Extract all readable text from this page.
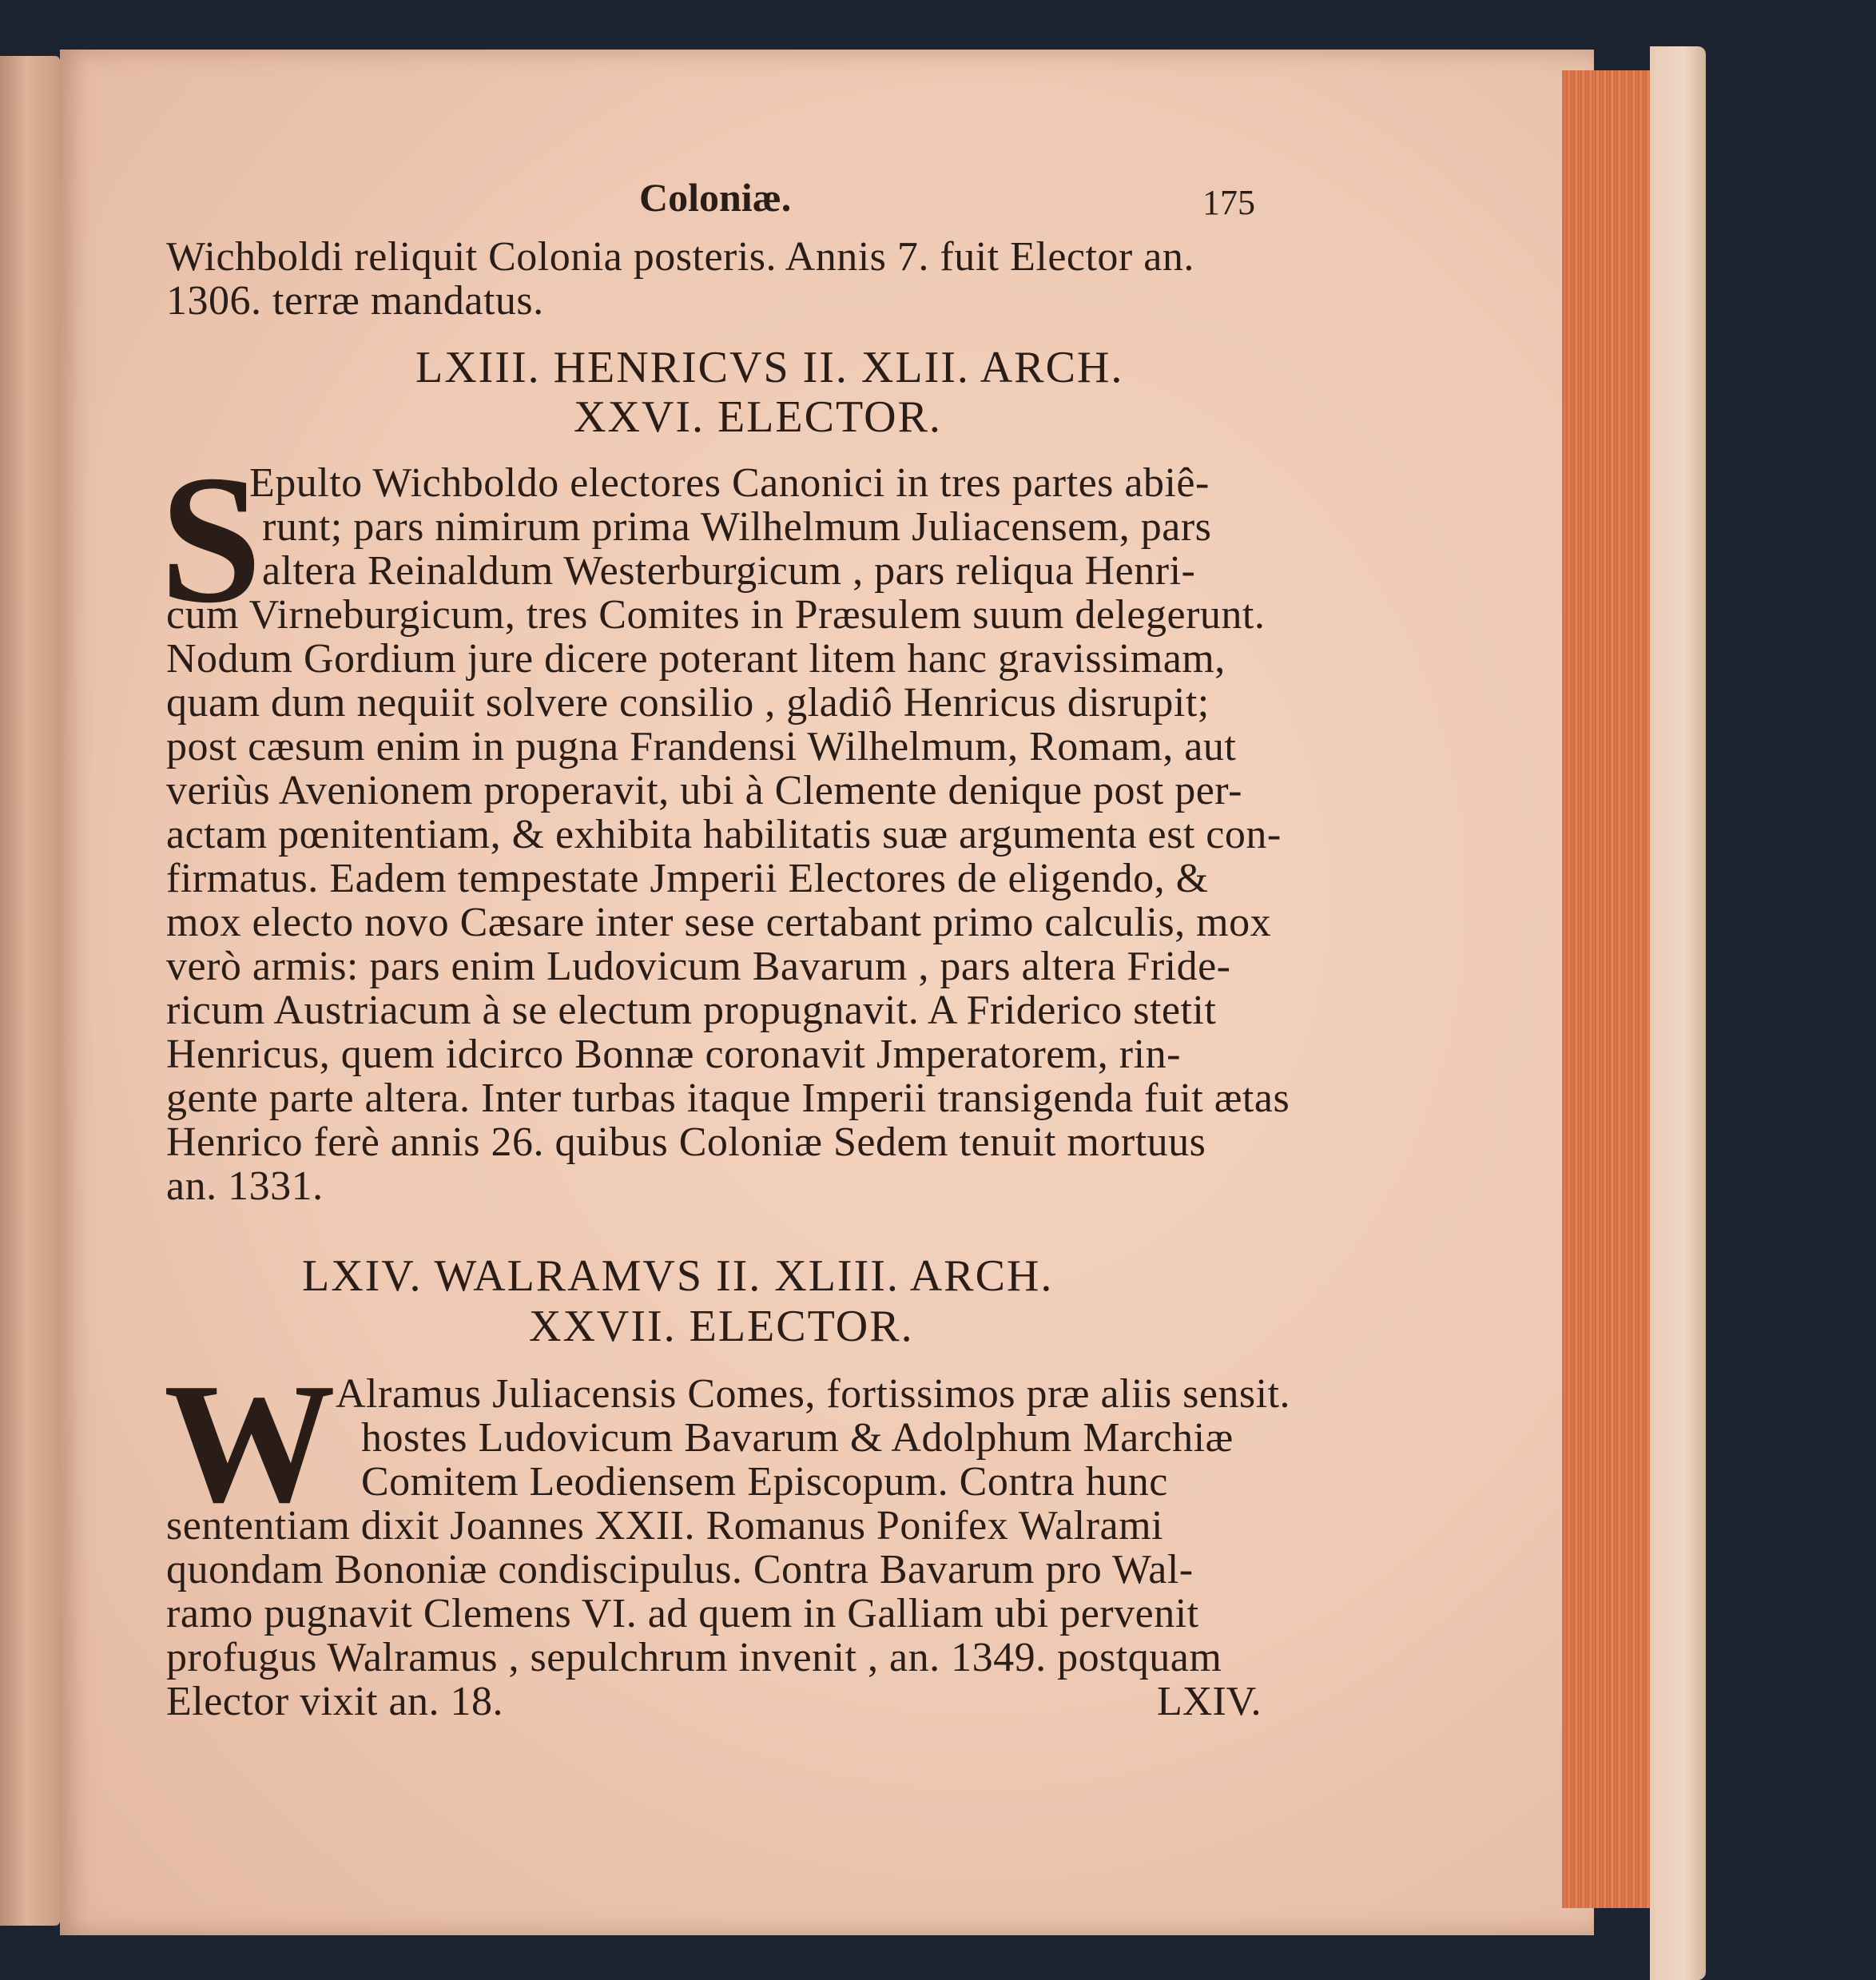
Coloniæ.	175
Wichboldi reliquit Colonia posteris. Annis 7. fuit Elector an.
1306. terræ mandatus.
LXIII. HENRICVS II. XLII. ARCH.
XXVI. ELECTOR.
S
Epulto Wichboldo electores Canonici in tres partes abiê-
runt; pars nimirum prima Wilhelmum Juliacensem, pars
altera Reinaldum Westerburgicum , pars reliqua Henri-
cum Virneburgicum, tres Comites in Præsulem suum delegerunt.
Nodum Gordium jure dicere poterant litem hanc gravissimam,
quam dum nequiit solvere consilio , gladiô Henricus disrupit;
post cæsum enim in pugna Frandensi Wilhelmum, Romam, aut
veriùs Avenionem properavit, ubi à Clemente denique post per-
actam pœnitentiam, & exhibita habilitatis suæ argumenta est con-
firmatus. Eadem tempestate Jmperii Electores de eligendo, &
mox electo novo Cæsare inter sese certabant primo calculis, mox
verò armis: pars enim Ludovicum Bavarum , pars altera Fride-
ricum Austriacum à se electum propugnavit. A Friderico stetit
Henricus, quem idcirco Bonnæ coronavit Jmperatorem, rin-
gente parte altera. Inter turbas itaque Imperii transigenda fuit ætas
Henrico ferè annis 26. quibus Coloniæ Sedem tenuit mortuus
an. 1331.
LXIV. WALRAMVS II. XLIII. ARCH.
XXVII. ELECTOR.
W Alramus Juliacensis Comes, fortissimos præ aliis sensit.
hostes Ludovicum Bavarum & Adolphum Marchiæ
Comitem Leodiensem Episcopum. Contra hunc
sententiam dixit Joannes XXII. Romanus Ponifex Walrami
quondam Bononiæ condiscipulus. Contra Bavarum pro Wal-
ramo pugnavit Clemens VI. ad quem in Galliam ubi pervenit
profugus Walramus , sepulchrum invenit , an. 1349. postquam
Elector vixit an. 18.	LXIV.
